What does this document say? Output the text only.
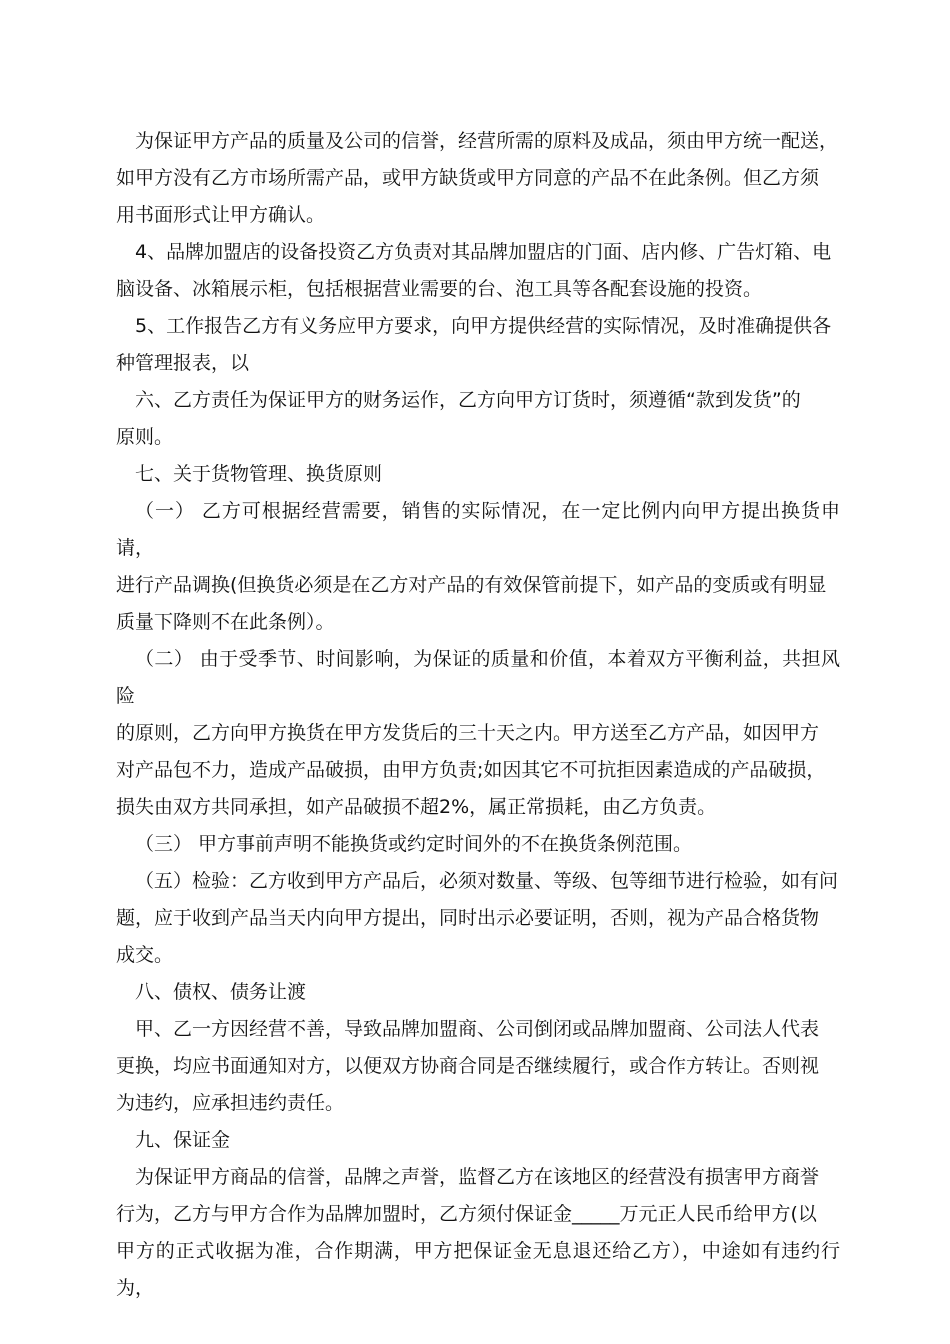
为保证甲方产品的质量及公司的信誉，经营所需的原料及成品，须由甲方统一配送，
如甲方没有乙方市场所需产品，或甲方缺货或甲方同意的产品不在此条例。但乙方须
用书面形式让甲方确认。

4、品牌加盟店的设备投资乙方负责对其品牌加盟店的门面、店内修、广告灯箱、电
脑设备、冰箱展示柜，包括根据营业需要的台、泡工具等各配套设施的投资。

5、工作报告乙方有义务应甲方要求，向甲方提供经营的实际情况，及时准确提供各
种管理报表，以

六、乙方责任为保证甲方的财务运作，乙方向甲方订货时，须遵循“款到发货”的
原则。

七、关于货物管理、换货原则

（一） 乙方可根据经营需要，销售的实际情况，在一定比例内向甲方提出换货申请，
进行产品调换(但换货必须是在乙方对产品的有效保管前提下，如产品的变质或有明显
质量下降则不在此条例）。

（二） 由于受季节、时间影响，为保证的质量和价值，本着双方平衡利益，共担风险
的原则，乙方向甲方换货在甲方发货后的三十天之内。甲方送至乙方产品，如因甲方
对产品包不力，造成产品破损，由甲方负责;如因其它不可抗拒因素造成的产品破损，
损失由双方共同承担，如产品破损不超2%，属正常损耗，由乙方负责。

（三） 甲方事前声明不能换货或约定时间外的不在换货条例范围。

（五）检验：乙方收到甲方产品后，必须对数量、等级、包等细节进行检验，如有问
题，应于收到产品当天内向甲方提出，同时出示必要证明，否则，视为产品合格货物
成交。

八、债权、债务让渡

甲、乙一方因经营不善，导致品牌加盟商、公司倒闭或品牌加盟商、公司法人代表
更换，均应书面通知对方，以便双方协商合同是否继续履行，或合作方转让。否则视
为违约，应承担违约责任。

九、保证金

为保证甲方商品的信誉，品牌之声誉，监督乙方在该地区的经营没有损害甲方商誉
行为，乙方与甲方合作为品牌加盟时，乙方须付保证金_____万元正人民币给甲方(以
甲方的正式收据为准，合作期满，甲方把保证金无息退还给乙方），中途如有违约行为，
